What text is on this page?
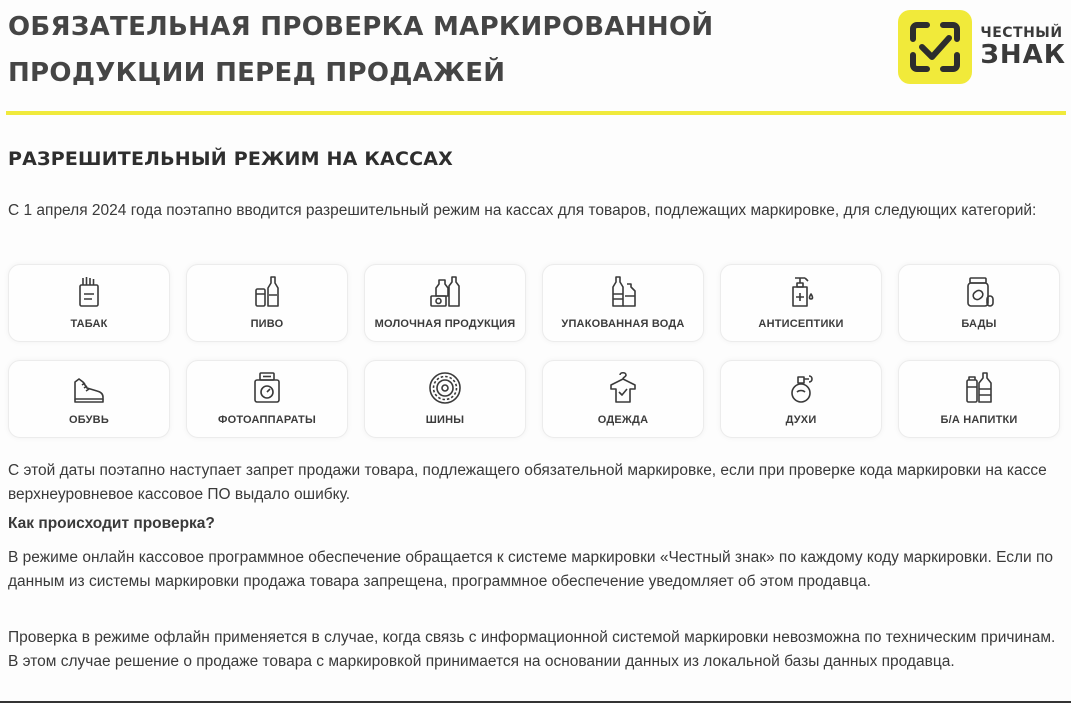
ОБЯЗАТЕЛЬНАЯ ПРОВЕРКА МАРКИРОВАННОЙ
ПРОДУКЦИИ ПЕРЕД ПРОДАЖЕЙ
ЧЕСТНЫЙ
ЗНАК
РАЗРЕШИТЕЛЬНЫЙ РЕЖИМ НА КАССАХ
С 1 апреля 2024 года поэтапно вводится разрешительный режим на кассах для товаров, подлежащих маркировке, для следующих категорий:
ТАБАК	ПИВО	МОЛОЧНАЯ ПРОДУКЦИЯ	УПАКОВАННАЯ ВОДА	АНТИСЕПТИКИ	БАДЫ
ОБУВЬ	ФОТОАППАРАТЫ	ШИНЫ	ОДЕЖДА	ДУХИ	Б/А НАПИТКИ
С этой даты поэтапно наступает запрет продажи товара, подлежащего обязательной маркировке, если при проверке кода маркировки на кассе верхнеуровневое кассовое ПО выдало ошибку.
Как происходит проверка?
В режиме онлайн кассовое программное обеспечение обращается к системе маркировки «Честный знак» по каждому коду маркировки. Если по данным из системы маркировки продажа товара запрещена, программное обеспечение уведомляет об этом продавца.
Проверка в режиме офлайн применяется в случае, когда связь с информационной системой маркировки невозможна по техническим причинам. В этом случае решение о продаже товара с маркировкой принимается на основании данных из локальной базы данных продавца.
